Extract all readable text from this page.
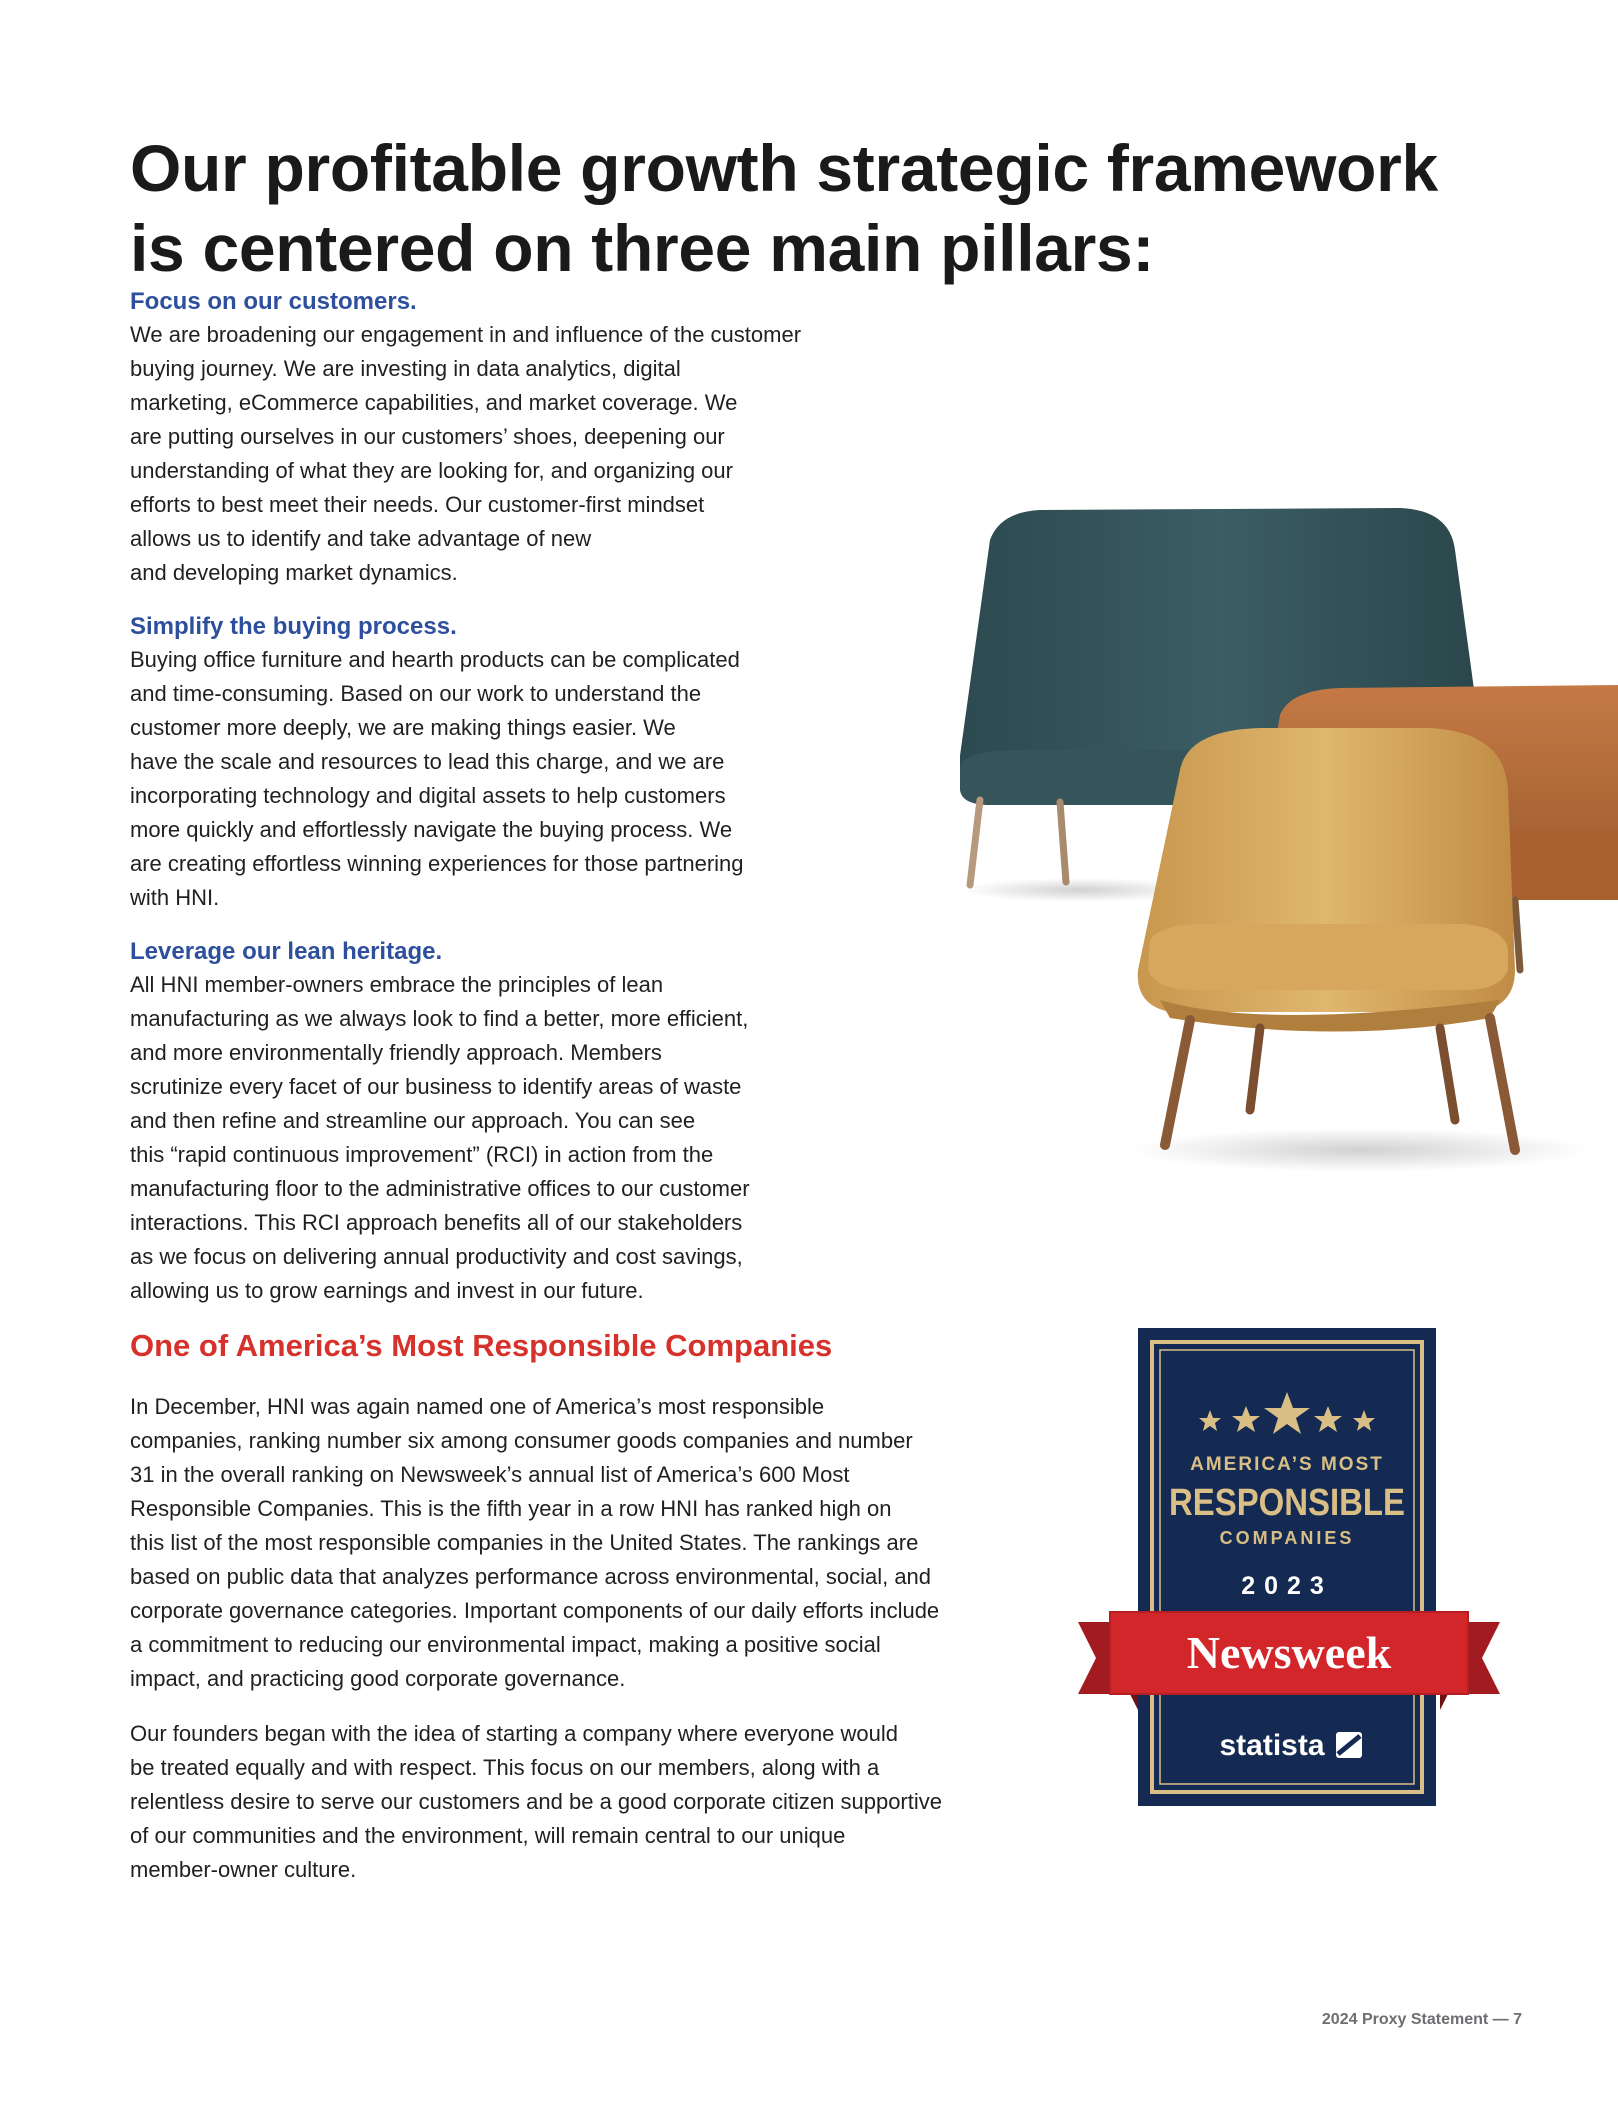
Our profitable growth strategic framework
is centered on three main pillars:
Focus on our customers.

We are broadening our engagement in and influence of the customer
buying journey. We are investing in data analytics, digital
marketing, eCommerce capabilities, and market coverage. We
are putting ourselves in our customers’ shoes, deepening our
understanding of what they are looking for, and organizing our
efforts to best meet their needs. Our customer-first mindset
allows us to identify and take advantage of new
and developing market dynamics.

Simplify the buying process.

Buying office furniture and hearth products can be complicated
and time-consuming. Based on our work to understand the
customer more deeply, we are making things easier. We
have the scale and resources to lead this charge, and we are
incorporating technology and digital assets to help customers
more quickly and effortlessly navigate the buying process. We
are creating effortless winning experiences for those partnering
with HNI.

Leverage our lean heritage.

All HNI member-owners embrace the principles of lean
manufacturing as we always look to find a better, more efficient,
and more environmentally friendly approach. Members
scrutinize every facet of our business to identify areas of waste
and then refine and streamline our approach. You can see
this “rapid continuous improvement” (RCI) in action from the
manufacturing floor to the administrative offices to our customer
interactions. This RCI approach benefits all of our stakeholders
as we focus on delivering annual productivity and cost savings,
allowing us to grow earnings and invest in our future.

One of America’s Most Responsible Companies

In December, HNI was again named one of America’s most responsible
companies, ranking number six among consumer goods companies and number
31 in the overall ranking on Newsweek’s annual list of America’s 600 Most
Responsible Companies. This is the fifth year in a row HNI has ranked high on
this list of the most responsible companies in the United States. The rankings are
based on public data that analyzes performance across environmental, social, and
corporate governance categories. Important components of our daily efforts include
a commitment to reducing our environmental impact, making a positive social
impact, and practicing good corporate governance.

Our founders began with the idea of starting a company where everyone would
be treated equally and with respect. This focus on our members, along with a
relentless desire to serve our customers and be a good corporate citizen supportive
of our communities and the environment, will remain central to our unique
member-owner culture.

AMERICA’S MOST
RESPONSIBLE
COMPANIES
2023
Newsweek
statista
2024 Proxy Statement — 7
